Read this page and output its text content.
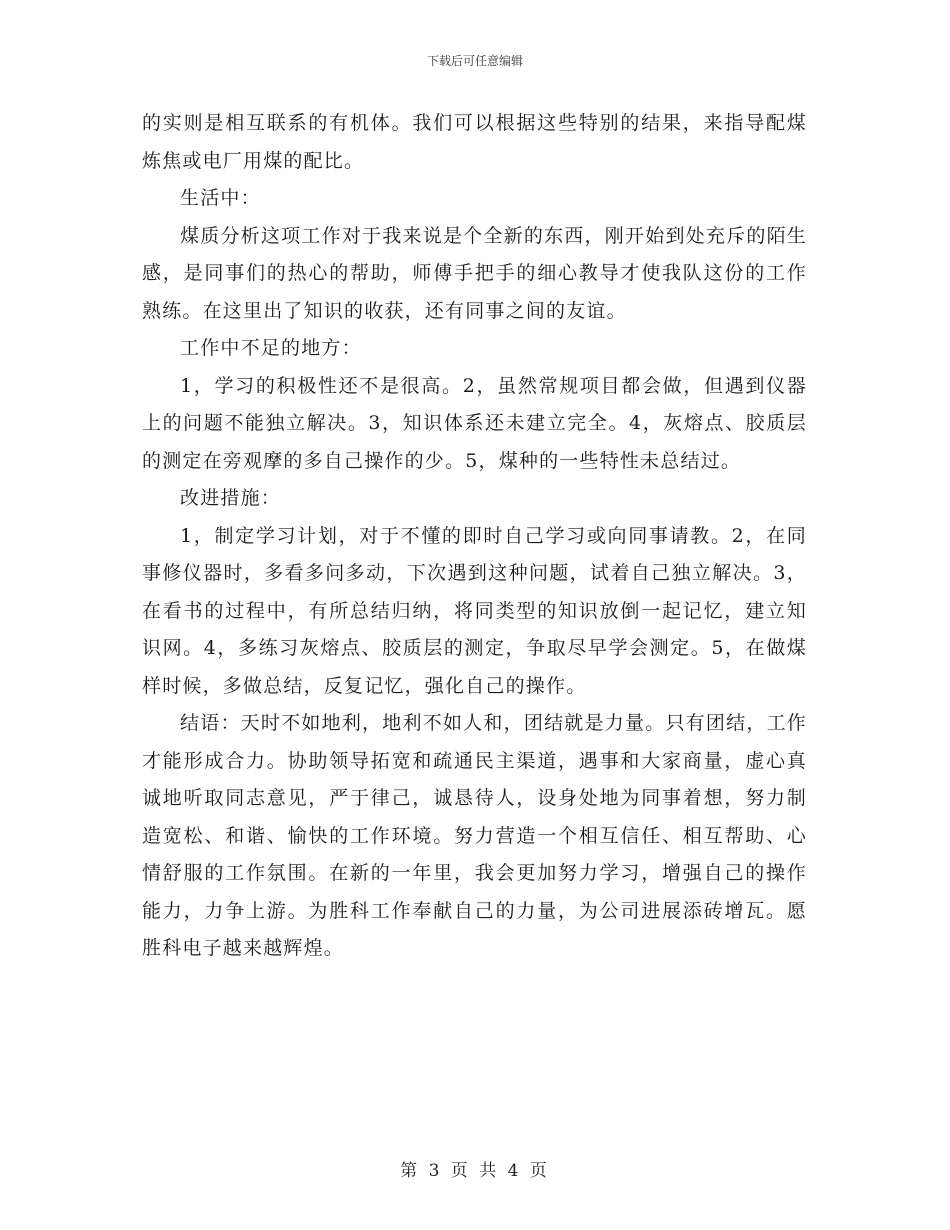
下载后可任意编辑

的实则是相互联系的有机体。我们可以根据这些特别的结果，来指导配煤炼焦或电厂用煤的配比。

生活中：

煤质分析这项工作对于我来说是个全新的东西，刚开始到处充斥的陌生感，是同事们的热心的帮助，师傅手把手的细心教导才使我队这份的工作熟练。在这里出了知识的收获，还有同事之间的友谊。

工作中不足的地方：

1，学习的积极性还不是很高。2，虽然常规项目都会做，但遇到仪器上的问题不能独立解决。3，知识体系还未建立完全。4，灰熔点、胶质层的测定在旁观摩的多自己操作的少。5，煤种的一些特性未总结过。

改进措施：

1，制定学习计划，对于不懂的即时自己学习或向同事请教。2，在同事修仪器时，多看多问多动，下次遇到这种问题，试着自己独立解决。3，在看书的过程中，有所总结归纳，将同类型的知识放倒一起记忆，建立知识网。4，多练习灰熔点、胶质层的测定，争取尽早学会测定。5，在做煤样时候，多做总结，反复记忆，强化自己的操作。

结语：天时不如地利，地利不如人和，团结就是力量。只有团结，工作才能形成合力。协助领导拓宽和疏通民主渠道，遇事和大家商量，虚心真诚地听取同志意见，严于律己，诚恳待人，设身处地为同事着想，努力制造宽松、和谐、愉快的工作环境。努力营造一个相互信任、相互帮助、心情舒服的工作氛围。在新的一年里，我会更加努力学习，增强自己的操作能力，力争上游。为胜科工作奉献自己的力量，为公司进展添砖增瓦。愿胜科电子越来越辉煌。

第 3 页 共 4 页
